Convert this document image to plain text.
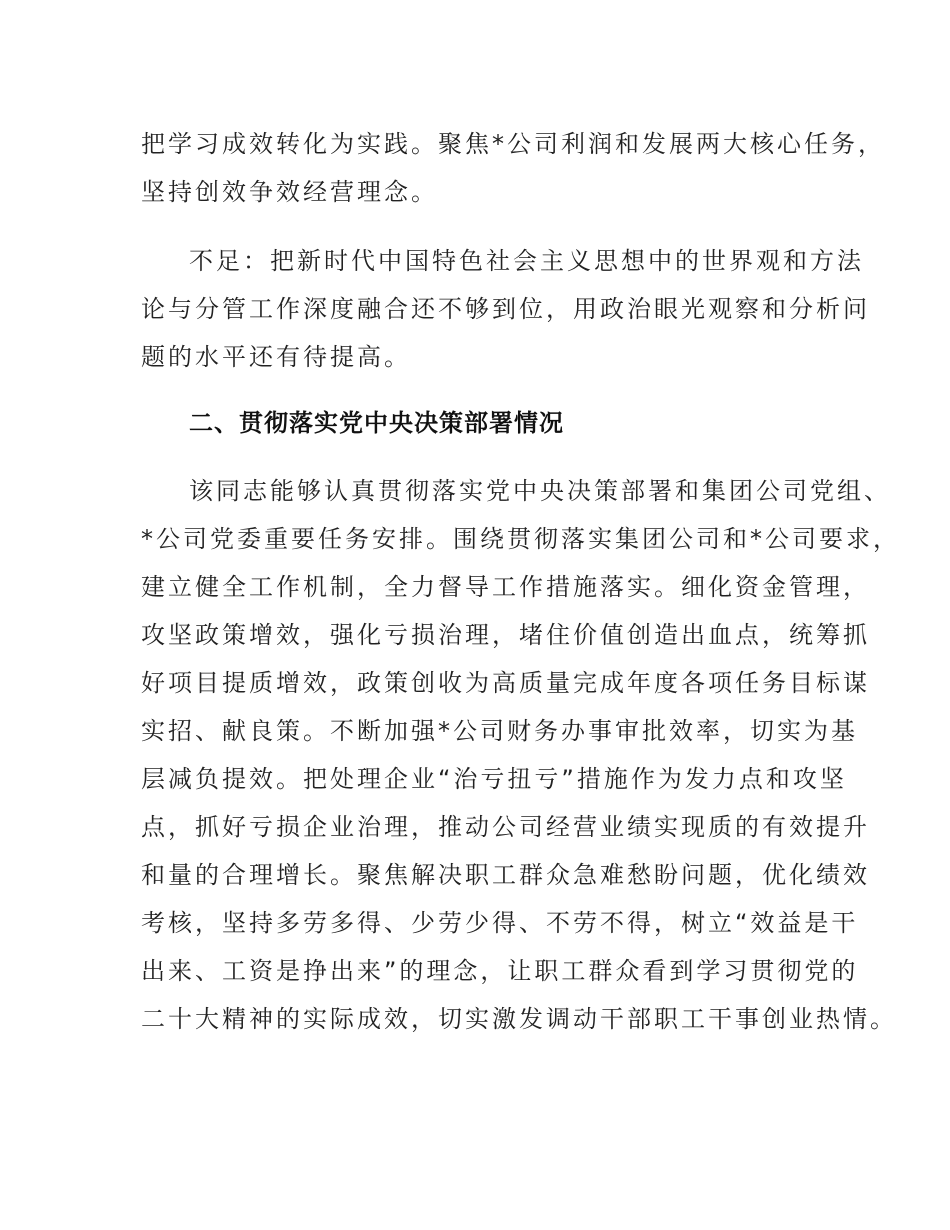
把学习成效转化为实践。聚焦*公司利润和发展两大核心任务，
坚持创效争效经营理念。
不足：把新时代中国特色社会主义思想中的世界观和方法
论与分管工作深度融合还不够到位，用政治眼光观察和分析问
题的水平还有待提高。
二、贯彻落实党中央决策部署情况
该同志能够认真贯彻落实党中央决策部署和集团公司党组、
*公司党委重要任务安排。围绕贯彻落实集团公司和*公司要求，
建立健全工作机制，全力督导工作措施落实。细化资金管理，
攻坚政策增效，强化亏损治理，堵住价值创造出血点，统筹抓
好项目提质增效，政策创收为高质量完成年度各项任务目标谋
实招、献良策。不断加强*公司财务办事审批效率，切实为基
层减负提效。把处理企业“治亏扭亏”措施作为发力点和攻坚
点，抓好亏损企业治理，推动公司经营业绩实现质的有效提升
和量的合理增长。聚焦解决职工群众急难愁盼问题，优化绩效
考核，坚持多劳多得、少劳少得、不劳不得，树立“效益是干
出来、工资是挣出来”的理念，让职工群众看到学习贯彻党的
二十大精神的实际成效，切实激发调动干部职工干事创业热情。
